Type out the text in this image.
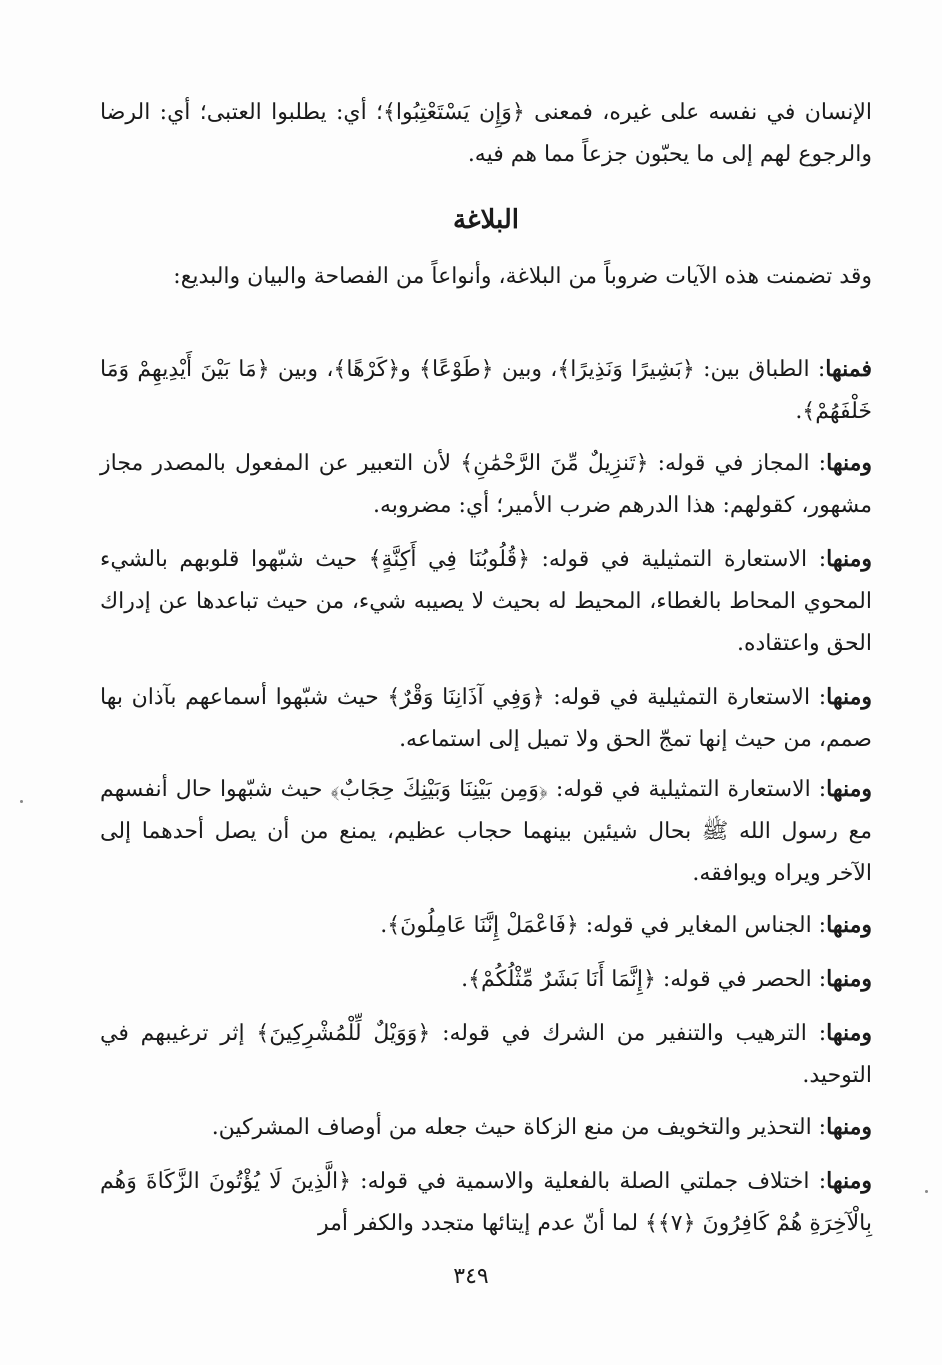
الإنسان في نفسه على غيره، فمعنى ﴿وَإِن يَسْتَعْتِبُوا﴾؛ أي: يطلبوا العتبى؛ أي: الرضا والرجوع لهم إلى ما يحبّون جزعاً مما هم فيه.

البلاغة

وقد تضمنت هذه الآيات ضروباً من البلاغة، وأنواعاً من الفصاحة والبيان والبديع:

فمنها: الطباق بين: ﴿بَشِيرًا وَنَذِيرًا﴾، وبين ﴿طَوْعًا﴾ و﴿كَرْهًا﴾، وبين ﴿مَا بَيْنَ أَيْدِيهِمْ وَمَا خَلْفَهُمْ﴾.

ومنها: المجاز في قوله: ﴿تَنزِيلٌ مِّنَ الرَّحْمَٰنِ﴾ لأن التعبير عن المفعول بالمصدر مجاز مشهور، كقولهم: هذا الدرهم ضرب الأمير؛ أي: مضروبه.

ومنها: الاستعارة التمثيلية في قوله: ﴿قُلُوبُنَا فِي أَكِنَّةٍ﴾ حيث شبّهوا قلوبهم بالشيء المحوي المحاط بالغطاء، المحيط له بحيث لا يصيبه شيء، من حيث تباعدها عن إدراك الحق واعتقاده.

ومنها: الاستعارة التمثيلية في قوله: ﴿وَفِي آذَانِنَا وَقْرٌ﴾ حيث شبّهوا أسماعهم بآذان بها صمم، من حيث إنها تمجّ الحق ولا تميل إلى استماعه.

ومنها: الاستعارة التمثيلية في قوله: ﴿وَمِن بَيْنِنَا وَبَيْنِكَ حِجَابٌ﴾ حيث شبّهوا حال أنفسهم مع رسول الله ﷺ بحال شيئين بينهما حجاب عظيم، يمنع من أن يصل أحدهما إلى الآخر ويراه ويوافقه.

ومنها: الجناس المغاير في قوله: ﴿فَاعْمَلْ إِنَّنَا عَامِلُونَ﴾.

ومنها: الحصر في قوله: ﴿إِنَّمَا أَنَا بَشَرٌ مِّثْلُكُمْ﴾.

ومنها: الترهيب والتنفير من الشرك في قوله: ﴿وَوَيْلٌ لِّلْمُشْرِكِينَ﴾ إثر ترغيبهم في التوحيد.

ومنها: التحذير والتخويف من منع الزكاة حيث جعله من أوصاف المشركين.

ومنها: اختلاف جملتي الصلة بالفعلية والاسمية في قوله: ﴿الَّذِينَ لَا يُؤْتُونَ الزَّكَاةَ وَهُم بِالْآخِرَةِ هُمْ كَافِرُونَ ﴿٧﴾﴾ لما أنّ عدم إيتائها متجدد والكفر أمر

٣٤٩
